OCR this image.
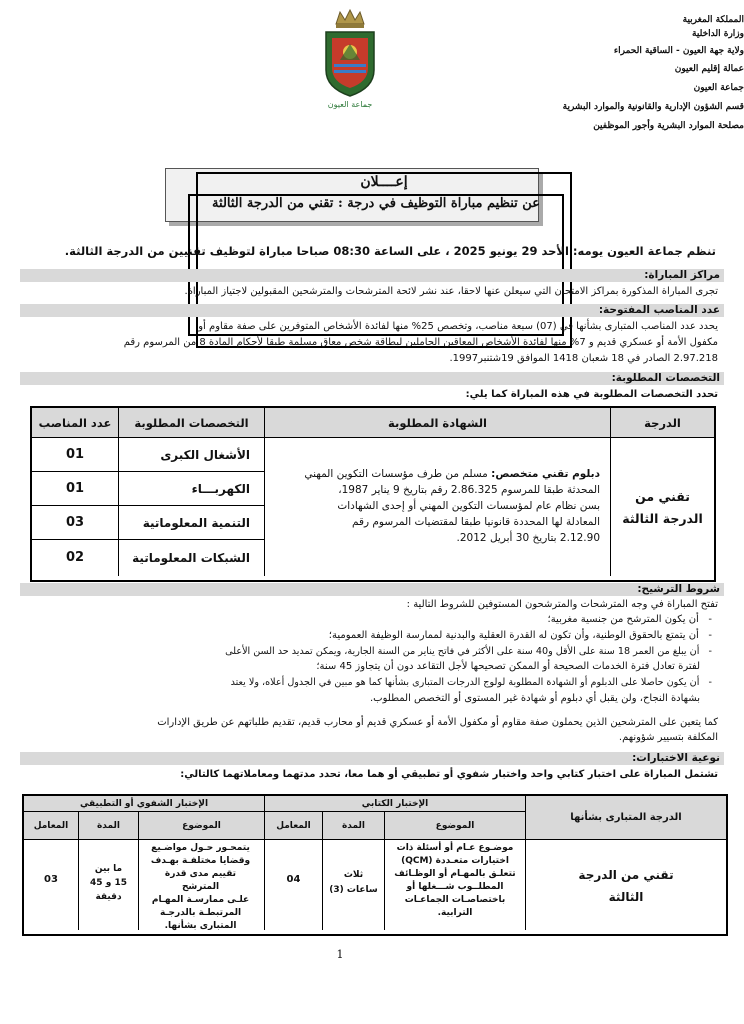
المملكة المغربية
وزارة الداخلية
ولاية جهة العيون - الساقية الحمراء
عمالة إقليم العيون
جماعة العيون
قسم الشؤون الإدارية والقانونية والموارد البشرية
مصلحة الموارد البشرية وأجور الموظفين
جماعة العيون
إعــــلان
عن تنظيم مباراة التوظيف في درجة : تقني من الدرجة الثالثة
تنظم جماعة العيون يومه: الأحد 29 يونيو 2025 ، على الساعة 08:30 صباحا مباراة لتوظيف تقنيين من الدرجة الثالثة.
مراكز المباراة:
تجرى المباراة المذكورة بمراكز الامتحان التي سيعلن عنها لاحقا، عند نشر لائحة المترشحات والمترشحين المقبولين لاجتياز المباراة.
عدد المناصب المفتوحة:
يحدد عدد المناصب المتبارى بشأنها في (07) سبعة مناصب، وتخصص 25% منها لفائدة الأشخاص المتوفرين على صفة مقاوم أو
مكفول الأمة أو عسكري قديم و 7% منها لفائدة الأشخاص المعاقين الحاملين لبطاقة شخص معاق مسلمة طبقا لأحكام المادة 8 من المرسوم رقم
2.97.218 الصادر في 18 شعبان 1418 الموافق 19شتنبر1997.
التخصصات المطلوبة:
تحدد التخصصات المطلوبة في هذه المباراة كما يلي:
الدرجة
الشهادة المطلوبة
التخصصات المطلوبة
عدد المناصب
تقني من الدرجة الثالثة
دبلوم تقني متخصص: مسلم من طرف مؤسسات التكوين المهني
المحدثة طبقا للمرسوم 2.86.325 رقم بتاريخ 9 يناير 1987،
بسن نظام عام لمؤسسات التكوين المهني أو إحدى الشهادات
المعادلة لها المحددة قانونيا طبقا لمقتضيات المرسوم رقم
2.12.90 بتاريخ 30 أبريل 2012.
الأشغال الكبرى
01
الكهربـــاء
01
التنمية المعلوماتية
03
الشبكات المعلوماتية
02
شروط الترشيح:
تفتح المباراة في وجه المترشحات والمترشحون المستوفين للشروط التالية :
-   أن يكون المترشح من جنسية مغربية؛
-   أن يتمتع بالحقوق الوطنية، وأن تكون له القدرة العقلية والبدنية لممارسة الوظيفة العمومية؛
-   أن يبلغ من العمر 18 سنة على الأقل و40 سنة على الأكثر في فاتح يناير من السنة الجارية، ويمكن تمديد حد السن الأعلى
لفترة تعادل فترة الخدمات الصحيحة أو الممكن تصحيحها لأجل التقاعد دون أن يتجاوز 45 سنة؛
-   أن يكون حاصلا على الدبلوم أو الشهادة المطلوبة لولوج الدرجات المتبارى بشأنها كما هو مبين في الجدول أعلاه، ولا يعتد
بشهادة النجاح، ولن يقبل أي دبلوم أو شهادة غير المستوى أو التخصص المطلوب.
كما يتعين على المترشحين الذين يحملون صفة مقاوم أو مكفول الأمة أو عسكري قديم أو محارب قديم، تقديم طلباتهم عن طريق الإدارات
المكلفة بتسيير شؤونهم.
نوعية الاختبارات:
تشتمل المباراة على اختبار كتابي واحد واختبار شفوي أو تطبيقي أو هما معا، تحدد مدتهما ومعاملاتهما كالتالي:
الدرجة المتبارى بشأنها
الإختبار الكتابي
الإختبار الشفوي أو التطبيقي
الموضوع
المدة
المعامل
الموضوع
المدة
المعامل
تقني من الدرجة الثالثة
موضـوع عـام أو أسئلة ذات
اختيارات متعـددة (QCM)
تتعلـق بالمهـام أو الوظـائف
المطلــوب شـــغلها أو
باختصاصـات الجماعـات
الترابية.
ثلاث
ساعات (3)
04
يتمحـور حـول مواضـيع
وقضايا مختلفـة بهـدف
تقييم مدى قدرة المترشح
علـى ممارسـة المهـام
المرتبطـة بالدرجـة
المتبارى بشأنها.
ما بين
15 و 45
دقيقة
03
1
